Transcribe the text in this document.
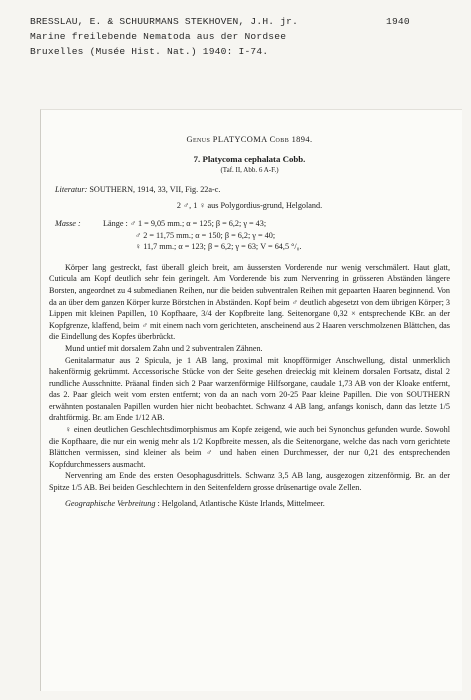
BRESSLAU, E. & SCHUURMANS STEKHOVEN, J.H. jr.	1940
Marine freilebende Nematoda aus der Nordsee
Bruxelles (Musée Hist. Nat.) 1940: I-74.
Genus PLATYCOMA Cobb 1894.
7. Platycoma cephalata Cobb.
(Taf. II, Abb. 6 A-F.)
Literatur: SOUTHERN, 1914, 33, VII, Fig. 22a-c.
2 ♂, 1 ♀ aus Polygordius-grund, Helgoland.
Masse :	Länge : ♂ 1 = 9,05 mm.; α = 125; β = 6,2; γ = 43;
♂ 2 = 11,75 mm.; α = 150; β = 6,2; γ = 40;
♀ 11,7 mm.; α = 123; β = 6,2; γ = 63; V = 64,5 °/₀.

Körper lang gestreckt, fast überall gleich breit, am äussersten Vorderende nur wenig verschmälert. Haut glatt, Cuticula am Kopf deutlich sehr fein geringelt. Am Vorderende bis zum Nervenring in grösseren Abständen längere Borsten, angeordnet zu 4 submedianen Reihen, nur die beiden subventralen Reihen mit gepaarten Haaren beginnend. Von da an über dem ganzen Körper kurze Börstchen in Abständen. Kopf beim ♂ deutlich abgesetzt von dem übrigen Körper; 3 Lippen mit kleinen Papillen, 10 Kopfhaare, 3/4 der Kopfbreite lang. Seitenorgane 0,32 × entsprechende KBr. an der Kopfgrenze, klaffend, beim ♂ mit einem nach vorn gerichteten, anscheinend aus 2 Haaren verschmolzenen Blättchen, das die Eindellung des Kopfes überbrückt.

Mund untief mit dorsalem Zahn und 2 subventralen Zähnen.

Genitalarmatur aus 2 Spicula, je 1 AB lang, proximal mit knopfförmiger Anschwellung, distal unmerklich hakenförmig gekrümmt. Accessorische Stücke von der Seite gesehen dreieckig mit kleinem dorsalen Fortsatz, distal 2 rundliche Ausschnitte. Präanal finden sich 2 Paar warzenförmige Hilfsorgane, caudale 1,73 AB von der Kloake entfernt, das 2. Paar gleich weit vom ersten entfernt; von da an nach vorn 20-25 Paar kleine Papillen. Die von SOUTHERN erwähnten postanalen Papillen wurden hier nicht beobachtet. Schwanz 4 AB lang, anfangs konisch, dann das letzte 1/5 drahtförmig. Br. am Ende 1/12 AB.

♀ einen deutlichen Geschlechtsdimorphismus am Kopfe zeigend, wie auch bei Synonchus gefunden wurde. Sowohl die Kopfhaare, die nur ein wenig mehr als 1/2 Kopfbreite messen, als die Seitenorgane, welche das nach vorn gerichtete Blättchen vermissen, sind kleiner als beim ♂ und haben einen Durchmesser, der nur 0,21 des entsprechenden Kopfdurchmessers ausmacht.

Nervenring am Ende des ersten Oesophagusdrittels. Schwanz 3,5 AB lang, ausgezogen zitzenförmig. Br. an der Spitze 1/5 AB. Bei beiden Geschlechtern in den Seitenfeldern grosse drüsenartige ovale Zellen.

Geographische Verbreitung : Helgoland, Atlantische Küste Irlands, Mittelmeer.
